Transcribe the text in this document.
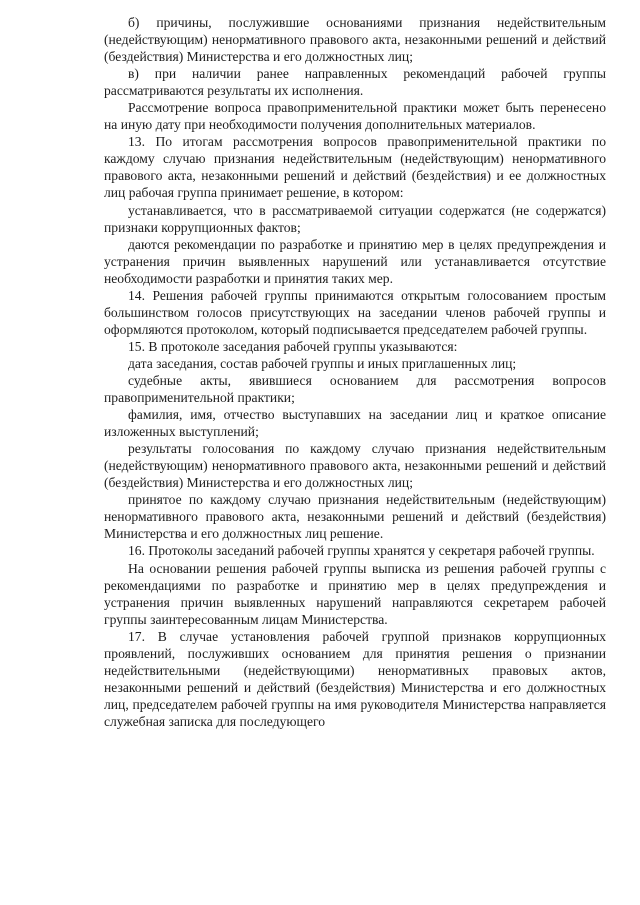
б) причины, послужившие основаниями признания недействительным (недействующим) ненормативного правового акта, незаконными решений и действий (бездействия) Министерства и его должностных лиц;

в) при наличии ранее направленных рекомендаций рабочей группы рассматриваются результаты их исполнения.

Рассмотрение вопроса правоприменительной практики может быть перенесено на иную дату при необходимости получения дополнительных материалов.

13. По итогам рассмотрения вопросов правоприменительной практики по каждому случаю признания недействительным (недействующим) ненормативного правового акта, незаконными решений и действий (бездействия) и ее должностных лиц рабочая группа принимает решение, в котором:

устанавливается, что в рассматриваемой ситуации содержатся (не содержатся) признаки коррупционных фактов;

даются рекомендации по разработке и принятию мер в целях предупреждения и устранения причин выявленных нарушений или устанавливается отсутствие необходимости разработки и принятия таких мер.

14. Решения рабочей группы принимаются открытым голосованием простым большинством голосов присутствующих на заседании членов рабочей группы и оформляются протоколом, который подписывается председателем рабочей группы.

15. В протоколе заседания рабочей группы указываются:

дата заседания, состав рабочей группы и иных приглашенных лиц;

судебные акты, явившиеся основанием для рассмотрения вопросов правоприменительной практики;

фамилия, имя, отчество выступавших на заседании лиц и краткое описание изложенных выступлений;

результаты голосования по каждому случаю признания недействительным (недействующим) ненормативного правового акта, незаконными решений и действий (бездействия) Министерства и его должностных лиц;

принятое по каждому случаю признания недействительным (недействующим) ненормативного правового акта, незаконными решений и действий (бездействия) Министерства и его должностных лиц решение.

16. Протоколы заседаний рабочей группы хранятся у секретаря рабочей группы.

На основании решения рабочей группы выписка из решения рабочей группы с рекомендациями по разработке и принятию мер в целях предупреждения и устранения причин выявленных нарушений направляются секретарем рабочей группы заинтересованным лицам Министерства.

17. В случае установления рабочей группой признаков коррупционных проявлений, послуживших основанием для принятия решения о признании недействительными (недействующими) ненормативных правовых актов, незаконными решений и действий (бездействия) Министерства и его должностных лиц, председателем рабочей группы на имя руководителя Министерства направляется служебная записка для последующего
